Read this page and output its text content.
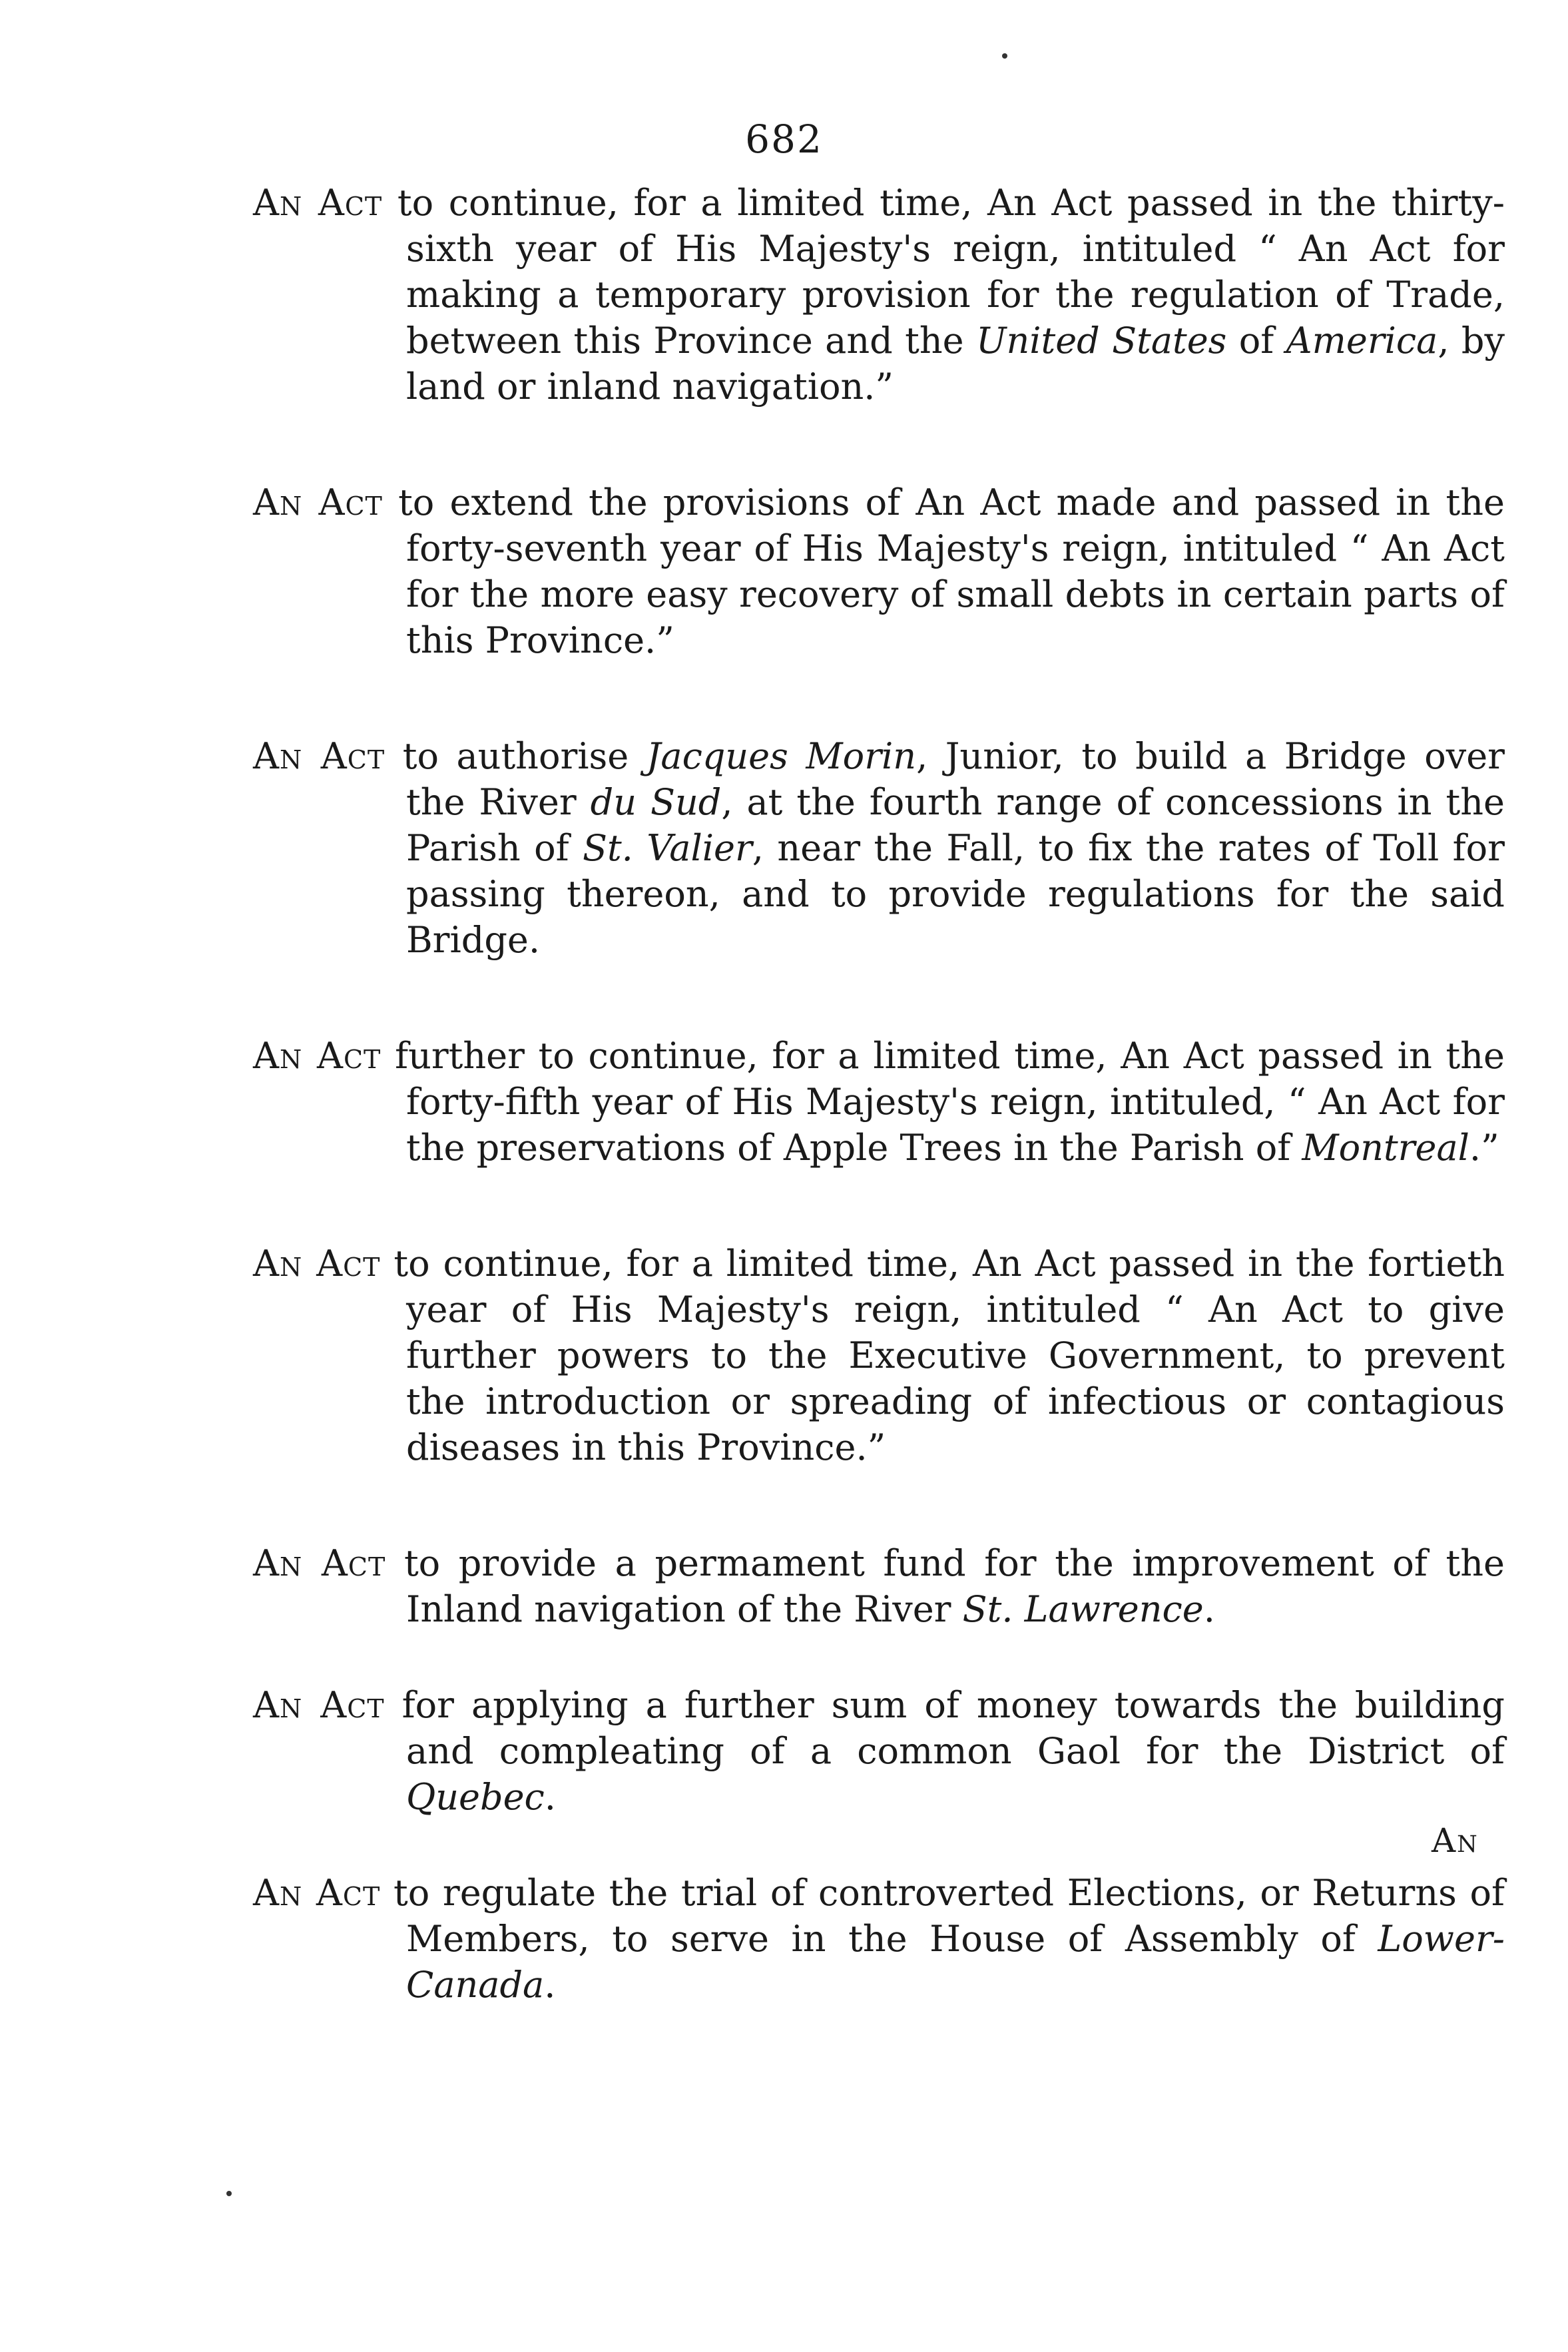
682

An Act to continue, for a limited time, An Act passed in the thirty-sixth year of His Majesty's reign, intituled “ An Act for making a temporary provision for the regulation of Trade, between this Province and the United States of America, by land or inland navigation.”

An Act to extend the provisions of An Act made and passed in the forty-seventh year of His Majesty's reign, intituled “ An Act for the more easy recovery of small debts in certain parts of this Province.”

An Act to authorise Jacques Morin, Junior, to build a Bridge over the River du Sud, at the fourth range of concessions in the Parish of St. Valier, near the Fall, to fix the rates of Toll for passing thereon, and to provide regulations for the said Bridge.

An Act further to continue, for a limited time, An Act passed in the forty-fifth year of His Majesty's reign, intituled, “ An Act for the preservations of Apple Trees in the Parish of Montreal.”

An Act to continue, for a limited time, An Act passed in the fortieth year of His Majesty's reign, intituled “ An Act to give further powers to the Executive Government, to prevent the introduction or spreading of infectious or contagious diseases in this Province.”

An Act to provide a permament fund for the improvement of the Inland navigation of the River St. Lawrence.

An Act for applying a further sum of money towards the building and compleating of a common Gaol for the District of Quebec.

An Act to regulate the trial of controverted Elections, or Returns of Members, to serve in the House of Assembly of Lower-Canada.

An
